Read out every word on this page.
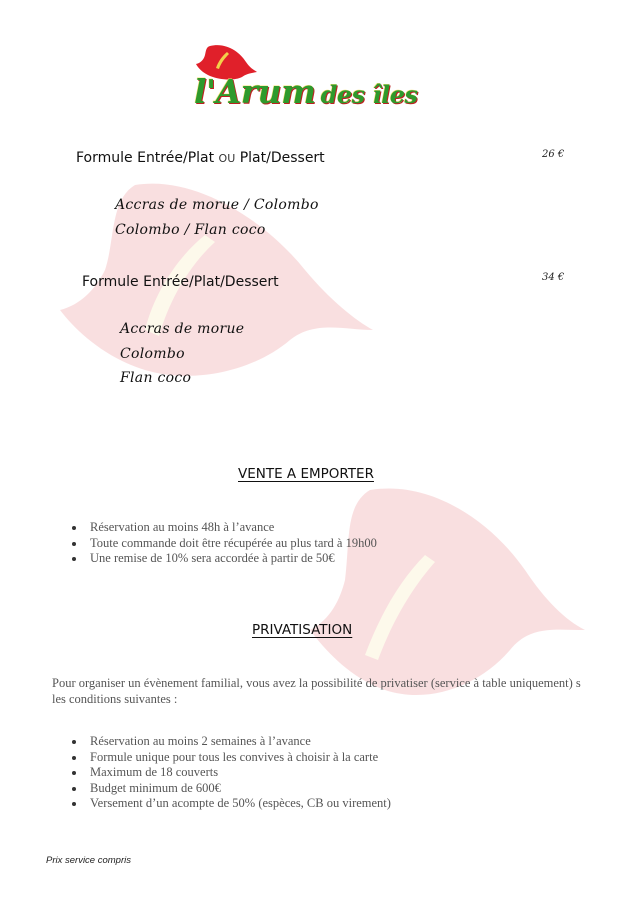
l'Arum des îles
Formule Entrée/Plat OU Plat/Dessert	26 €
Accras de morue / Colombo
Colombo / Flan coco
Formule Entrée/Plat/Dessert	34 €
Accras de morue
Colombo
Flan coco
VENTE A EMPORTER
Réservation au moins 48h à l’avance
Toute commande doit être récupérée au plus tard à 19h00
Une remise de 10% sera accordée à partir de 50€
PRIVATISATION
Pour organiser un évènement familial, vous avez la possibilité de privatiser (service à table uniquement) s
les conditions suivantes :
Réservation au moins 2 semaines à l’avance
Formule unique pour tous les convives à choisir à la carte
Maximum de 18 couverts
Budget minimum de 600€
Versement d’un acompte de 50% (espèces, CB ou virement)
Prix service compris
